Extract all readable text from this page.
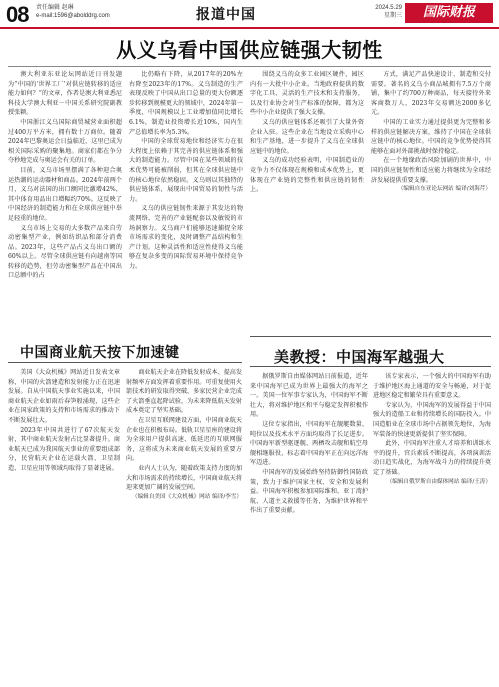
08 责任编辑 赵琳
e-mail:1596@abolddrg.com	报道中国	2024.5.29
星期三	国际财报
从义乌看中国供应链强大韧性

澳大利亚东亚论坛网站近日刊发题为“中国的‘世界工厂’对供应链转移的适应能力如何？”的文章，作者是澳大利亚悉尼科技大学澳大利亚－中国关系研究院副教授张颖。

中国浙江义乌国际商贸城营业面积超过400万平方米，拥有数十万商位。随着2024年巴黎奥运会日益临近，这里已成为相关国际采购的聚集地。商家们都在争分夺秒地完成与奥运会有关的订单。

目前，义乌市场里摆满了各种迎合奥运热潮的运动器材和商品。2024年前两个月，义乌对法国的出口额同比激增42%，其中体育用品出口增幅约70%。这反映了中国经济的制造能力和在全球供应链中举足轻重的地位。

义乌市场上交易的大多数产品来自劳动密集型产业，例如纺织品和部分消费品。2023年，这些产品占义乌出口额的60%以上。尽管全球供应链有向越南等国转移的趋势，但劳动密集型产品在中国出口总额中的占

比仍略有下降，从2017年的20%左右降至2023年的17%。义乌制造的生产表现反映了中国从出口总量的更大份额逐步转移到规模更大的领域中，2024年第一季度，中国规模以上工业增加值同比增长6.1%，制造业投资增长近10%，国内生产总值增长率为5.3%。

中国的全球贸易地位和经济实力在很大程度上依赖于其完善的供应链体系和强大的制造能力。尽管中国在某些领域的技术优势可能被削弱，但其在全球供应链中的核心地位依然稳固。义乌则以其独特的供应链体系，展现出中国贸易的韧性与活力。

义乌的供应链韧性来源于其发达的物流网络、完善的产业链配套以及敏锐的市场洞察力。义乌商户们能够迅速捕捉全球市场需求的变化，及时调整产品结构和生产计划。这种灵活性和适应性使得义乌能够在复杂多变的国际贸易环境中保持竞争力。

围绕义乌的众多工业园区硬件，园区内有一大批中小企业。当地政府提供的数字化工具、灵活的生产技术和支持服务，以及行业协会对生产标准的保障，都为这些中小企业提供了强大支撑。

义乌的供应链体系还吸引了大量外资企业入驻。这些企业在当地设立采购中心和生产基地，进一步提升了义乌在全球供应链中的地位。

义乌的成功经验表明，中国制造业的竞争力不仅体现在规模和成本优势上，更体现在产业链的完整性和供应链的韧性上。

方式，满足产品快速设计、制造和交付需要。著名的义乌小商品城拥有7.5万个商铺，集中了约700万种商品，每天接待外来客商数万人，2023年交易额达2000多亿元。

中国的工业实力通过提供更为完整和多样的供应链解决方案，维持了中国在全球供应链中的核心地位。中国的竞争优势使得其能够在面对外部挑战时保持稳定。

在一个地缘政治风险加剧的世界中，中国的供应链韧性和适应能力将继续为全球经济发展提供重要支撑。

（编辑自东亚论坛网站 编译/刘海芹）

美教授：中国海军越强大
中国商业航天按下加速键

美国《大众机械》网站近日发表文章称，中国的火箭建造和发射能力正在迅速发展。自从中国航天事业实施以来，中国商业航天企业如雨后春笋般涌现，这些企业在国家政策的支持和市场需求的推动下不断发展壮大。

2023年中国共进行了67次航天发射，其中商业航天发射占比显著提升。商业航天已成为我国航天事业的重要组成部分，民营航天企业在运载火箭、卫星制造、卫星应用等领域均取得了显著进展。

商业航天企业在降低发射成本、提高发射频率方面发挥着重要作用。可重复使用火箭技术的研发取得突破，多家民营企业完成了火箭垂直起降试验，为未来降低航天发射成本奠定了坚实基础。

在卫星互联网建设方面，中国商业航天企业也在积极布局。低轨卫星星座的建设将为全球用户提供高速、低延迟的互联网服务，这将成为未来商业航天发展的重要方向。

业内人士认为，随着政策支持力度的加大和市场需求的持续增长，中国商业航天将迎来更加广阔的发展空间。

（编辑自美国《大众机械》网站 编译/李雪）

据俄罗斯自由媒体网站日前报道，近年来中国海军已成为世界上最强大的海军之一。美国一位军事专家认为，中国海军不断壮大，将对维护地区和平与稳定发挥积极作用。

这位专家指出，中国海军在舰艇数量、吨位以及技术水平方面均取得了长足进步。中国海军新型驱逐舰、两栖攻击舰和航空母舰相继服役，标志着中国海军正在向远洋海军迈进。

中国海军的发展始终坚持防御性国防政策，致力于维护国家主权、安全和发展利益。中国海军积极参加国际维和、亚丁湾护航、人道主义救援等任务，为维护世界和平作出了重要贡献。

该专家表示，一个强大的中国海军有助于维护地区海上通道的安全与畅通，对于促进地区稳定和繁荣具有重要意义。

专家认为，中国海军的发展得益于中国强大的造船工业和持续增长的国防投入。中国造船业在全球市场中占据领先地位，为海军装备的快速更新提供了坚实保障。

此外，中国海军注重人才培养和训练水平的提升，官兵素质不断提高，各项演训活动日趋实战化，为海军战斗力的持续提升奠定了基础。

（编辑自俄罗斯自由媒体网站 编译/王涛）
